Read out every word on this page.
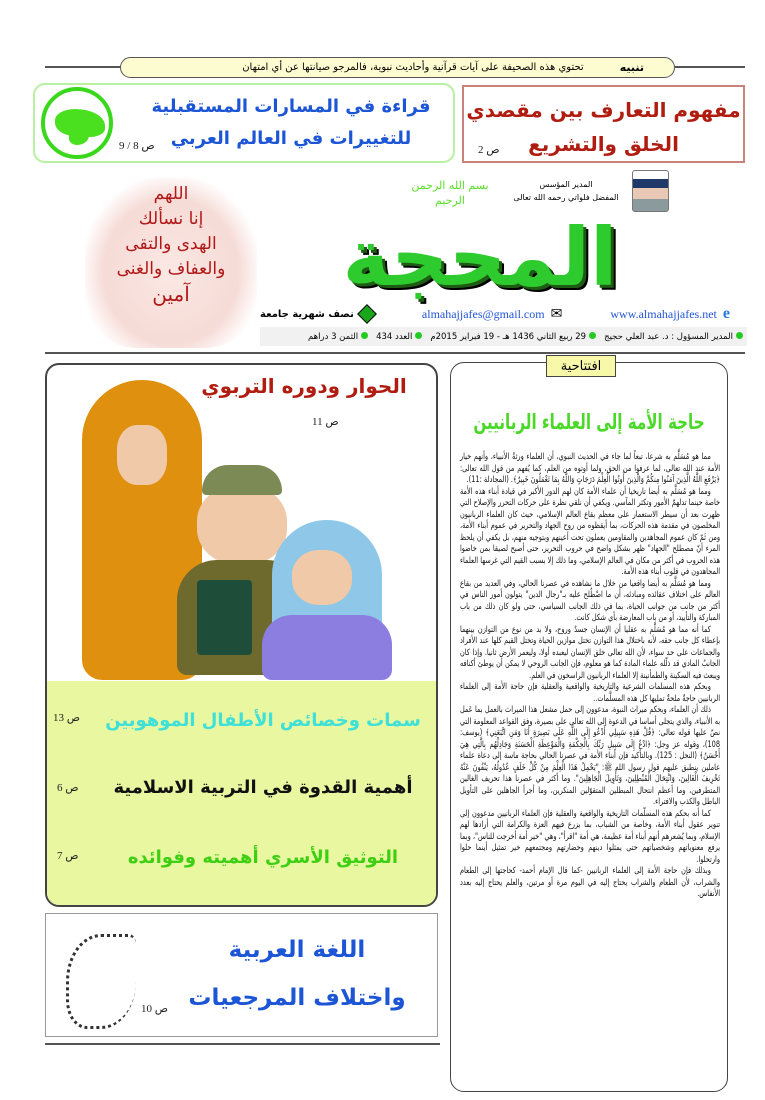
تنبيه
تحتوي هذه الصحيفة على آيات قرآنية وأحاديث نبوية، فالمرجو صيانتها عن أي امتهان
مفهوم التعارف بين مقصدي
الخلق والتشريع
ص 2
قراءة في المسارات المستقبلية
للتغييرات في العالم العربي
ص 8 / 9
اللهم
إنا نسألك
الهدى والتقى
والعفاف والغنى
آمين	المحجة
بسم الله الرحمن الرحيم
المدير المؤسس
المفضل فلواتي رحمه الله تعالى
e
www.almahajjafes.net
✉
almahajjafes@gmail.com
نصف شهرية جامعة
المدير المسؤول : د. عبد العلي حجيج
29 ربيع الثاني 1436 هـ - 19 فبراير 2015م
العدد 434
الثمن 3 دراهم
الحوار ودوره التربوي
ص 11
سمات وخصائص الأطفال الموهوبين
ص 13
أهمية القدوة في التربية الاسلامية
ص 6
التوثيق الأسري أهميته وفوائده
ص 7
اللغة العربية
واختلاف المرجعيات
ص 10
افتتاحية
حاجة الأمة إلى العلماء الربانيين

مما هو مُسَلَّم به شرعا، تبعاً لما جاء في الحديث النبوي، أن العلماء ورثةُ الأنبياء، وأنهم خيار الأمة عند الله تعالى، لما عرفوا من الحق، ولما أوتوه من العلم، كما يُفهم من قول الله تعالى: ﴿يَرْفَعِ اللَّهُ الَّذِينَ آمَنُوا مِنكُمْ وَالَّذِينَ أُوتُوا الْعِلْمَ دَرَجَاتٍ وَاللَّهُ بِمَا تَعْمَلُونَ خَبِيرٌ﴾. (المجادلة :11).

ومما هو مُسَلَّم به أيضا تاريخيا أن علماء الأمة كان لهم الدور الأكبر في قيادة أبناء هذه الأمة خاصة حينما تدلهمّ الأمور وتكثر المآسي. ويكفي أن نلقي نظرة على حركات التحرر والإصلاح التي ظهرت بعد أن سيطر الاستعمار على معظم بقاع العالم الإسلامي، حيث كان العلماء الربانيون المخلصون في مقدمة هذه الحركات، بما أيقظوه من روح الجهاد والتحرير في عموم أبناء الأمة، ومن ثَمّ كان عموم المجاهدين والمقاومين يعملون تحت أعينهم وبتوجيه منهم، بل يكفي أن يلحظ المرء أنّ مصطلح "الجهاد" ظهر بشكل واضح في حروب التحرير، حتى أصبح لصيقا بمن خاضوا هذه الحروب في أكثر من مكان في العالم الإسلامي، وما ذلك إلا بسبب القيم التي غرسها العلماء المجاهدون في قلوب أبناء هذه الأمة.

ومما هو مُسَلَّم به أيضا واقعيا من خلال ما نشاهده في عصرنا الحالي، وفي العديد من بقاع العالم على اختلاف عقائده ومبادئه، أن ما اصْطُلح عليه بـ"رجال الدين" يتولون أمور الناس في أكثر من جانب من جوانب الحياة، بما في ذلك الجانب السياسي، حتى ولو كان ذلك من باب المباركة والتأييد، أو من باب المعارضة بأي شكل كانت.

كما أنه مما هو مُسَلَّم به عقليا أن الإنسان جسدٌ وروح، ولا بد من نوع من التوازن بينهما بإعطاء كل جانب حقه، لأنه باختلال هذا التوازن تختل موازين الحياة وتختل القيم كلها عند الأفراد والجماعات على حد سواء، لأن الله تعالى خلق الإنسان ليعبده أولا، وليعمر الأرض ثانيا. وإذا كان الجانبُ المادي قد ذلّله علماء المادة كما هو معلوم، فإن الجانب الروحي لا يمكن أن يوطئ أكنافه ويبعث فيه السكينة والطمأنينة إلا العلماء الربانيون الراسخون في العلم.

وبحكم هذه المسلمات الشرعية والتاريخية والواقعية والعقلية فإن حاجة الأمة إلى العلماء الربانيين حاجةٌ ملحةٌ تمليها كل هذه المسلَّمات..

ذلك أن العلماء، وبحكم ميراث النبوة، مدعوون إلى حمل مشعل هذا الميراث بالعمل بما عَمل به الأنبياء، والذي يتجلى أساسا في الدعوة إلى الله تعالى على بصيرة، وفق القواعد المعلومة التي نصّ عليها قوله تعالى: ﴿قُلْ هَذِهِ سَبِيلِي أَدْعُو إِلَى اللَّهِ عَلَى بَصِيرَةٍ أَنَا وَمَنِ اتَّبَعَنِي﴾ (يوسف: 108)، وقوله عز وجل: ﴿ادْعُ إِلَى سَبِيلِ رَبِّكَ بِالْحِكْمَةِ وَالْمَوْعِظَةِ الْحَسَنَةِ وَجَادِلْهُم بِالَّتِي هِيَ أَحْسَنُ﴾ (النحل : 125). وبالتأكيد فإن أبناء الأمة في عصرنا الحالي بحاجة ماسة إلى دعاة علماء عاملين ينطبق عليهم قول رسول الله ﷺ: "يَحْمِلُ هَذَا الْعِلْمَ مِنْ كُلِّ خَلَفٍ عُدُولُهُ، يَنْفُونَ عَنْهُ تَحْرِيفَ الْغَالِينَ، وَانْتِحَالَ الْمُبْطِلِينَ، وَتَأْوِيلَ الْجَاهِلِينَ". وما أكثر في عصرنا هذا تحريف الغالين المتطرفين، وما أعظم انتحال المبطلين المتقوّلين المنكرين، وما أجرأ الجاهلين على التأويل الباطل والكذب والافتراء.

كما أنه بحكم هذه المسلّمات التاريخية والواقعية والعقلية فإن العلماء الربانيين مدعوون إلى تنوير عقول أبناء الأمة، وخاصة من الشباب، بما يزرع فيهم العزة والكرامة التي أرادها لهم الإسلام، وبما يُشعرهم أنهم أبناء أمة عظيمة، هي أمة "اقرأ"، وهي "خير أمة أخرجت للناس"، وبما يرفع معنوياتهم وشخصياتهم حتى يمثلوا دينهم وحضارتهم ومجتمعهم خير تمثيل أينما حلوا وارتحلوا.

وبذلك فإن حاجة الأمة إلى العلماء الربانيين -كما قال الإمام أحمد- كحاجتها إلى الطعام والشراب، لأن الطعام والشراب يحتاج إليه في اليوم مرة أو مرتين، والعلم يحتاج إليه بعدد الأنفاس.
